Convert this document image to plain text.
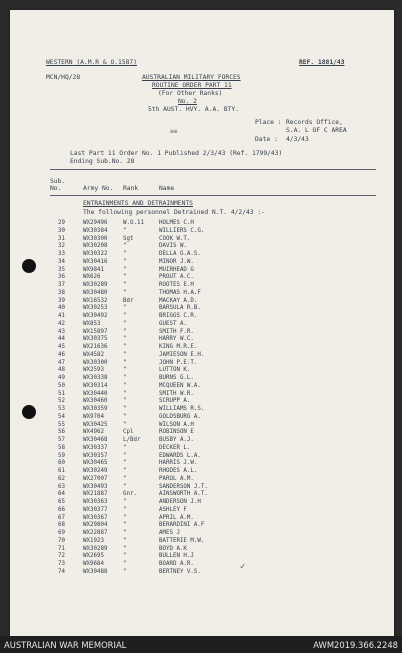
WESTERN (A.M.R & O.1587)	REF. 1881/43
MCN/HQ/28	AUSTRALIAN MILITARY FORCES
ROUTINE ORDER PART 11
(For Other Ranks)
No. 2
5th AUST. HVY. A.A. BTY.
Place : Records Office,
S.A. L OF C AREA
Date : 4/3/43
≡≡
Last Part 11 Order No. 1 Published 2/3/43 (Ref. 1799/43)
Ending Sub.No. 28
Sub.
No.	Army No. Rank	Name
ENTRAINMENTS AND DETRAINMENTS
The following personnel Detrained N.T. 4/2/43 :-
29	WX29496	W.O.11	HOLMES C.H
30	WX30384	"	WILLIERS C.G.
31	WX30300	Sgt	COOK W.T.
32	WX30208	"	DAVIS W.
33	WX30322	"	DELLA G.A.S.
34	WX30416	"	MINOR J.W.
35	WX9841	"	MUIRHEAD G
36	WX626	"	PROUT A.C.
37	WX30289	"	ROOTES E.H
38	WX30480	"	THOMAS H.A.F
39	WX16532	Bdr	MACKAY A.D.
40	WX30253	"	BARSULA R.B.
41	WX30492	"	BRIGGS C.R.
42	WX853	"	GUEST A.
43	WX15897	"	SMITH F.R.
44	WX30375	"	HARRY W.C.
45	WX21636	"	KING M.R.E.
46	WX4582	"	JAMIESON E.H.
47	WX30300	"	JOHN P.E.T.
48	WX2593	"	LUTTON K.
49	WX30338	"	BURNS G.L.
50	WX30314	"	MCQUEEN W.A.
51	WX30440	"	SMITH W.R.
52	WX30460	"	SCRUPP A.
53	WX30359	"	WILLIAMS R.S.
54	WX9704	"	GOLDSBURG A.
55	WX30425	"	WILSON A.H
56	WX4962	Cpl	ROBINSON E
57	WX30468	L/Bdr	BUSBY A.J.
58	WX30337	"	DECKER L.
59	WX30357	"	EDWARDS L.A.
60	WX30465	"	HARRIS J.W.
61	WX30249	"	RHODES A.L.
62	WX27007	"	PAROL A.M.
63	WX30493	"	SANDERSON J.T.
64	WX21887	Gnr.	AINSWORTH A.T.
65	WX30363	"	ANDERSON J.H
66	WX30377	"	ASHLEY F
67	WX30367	"	APRIL A.M.
68	WX29804	"	BERARDINI A.F
69	WX22887	"	AMES J
70	WX1923	"	BATTERIE M.W.
71	WX30289	"	BOYD A.K
72	WX2695	"	BULLEN H.J
73	WX9684	"	BOARD A.R.
74	WX30488	"	BERTNEY V.S.	✓
AUSTRALIAN WAR MEMORIAL	AWM2019.366.2248
